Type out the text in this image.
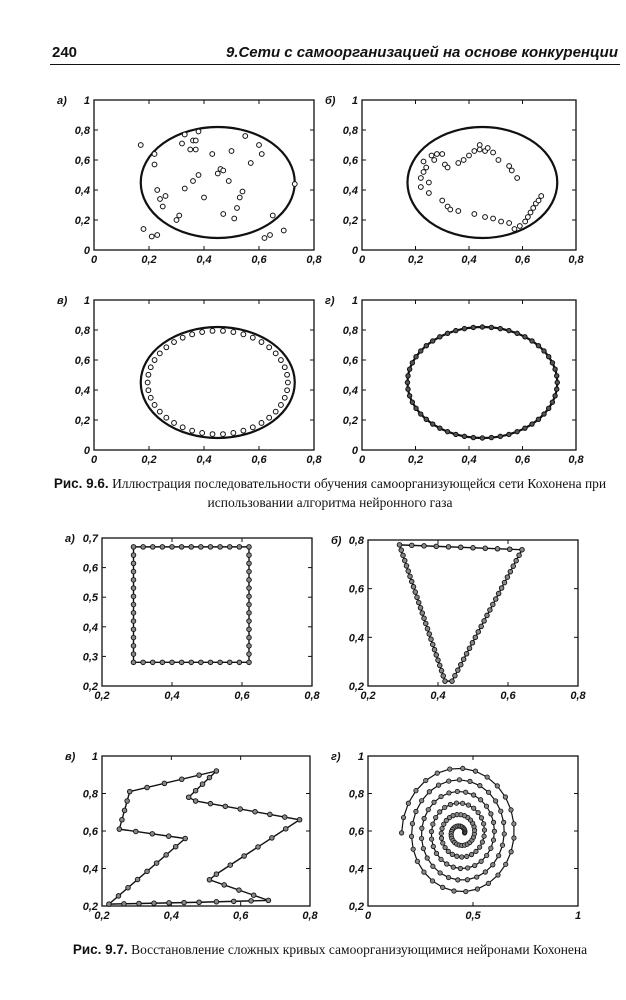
240	9.Сети с самоорганизацией на основе конкуренции
0	0,2	0,4	0,6	0,8
0
0,2
0,4
0,6
0,8
1
а)
0	0,2	0,4	0,6	0,8
0
0,2
0,4
0,6
0,8
1
б)
0	0,2	0,4	0,6	0,8
0
0,2
0,4
0,6
0,8
1
в)
0	0,2	0,4	0,6	0,8
0
0,2
0,4
0,6
0,8
1
г)
Рис. 9.6. Иллюстрация последовательности обучения самоорганизующейся сети Кохонена при использовании алгоритма нейронного газа
0,2	0,4	0,6	0,8
0,2
0,3
0,4
0,5
0,6
0,7
а)
0,2	0,4	0,6	0,8
0,2
0,4
0,6
0,8
б)
0,2	0,4	0,6	0,8
0,2
0,4
0,6
0,8
1
в)
0	0,5	1
0,2
0,4
0,6
0,8
1
г)
Рис. 9.7. Восстановление сложных кривых самоорганизующимися нейронами Кохонена
